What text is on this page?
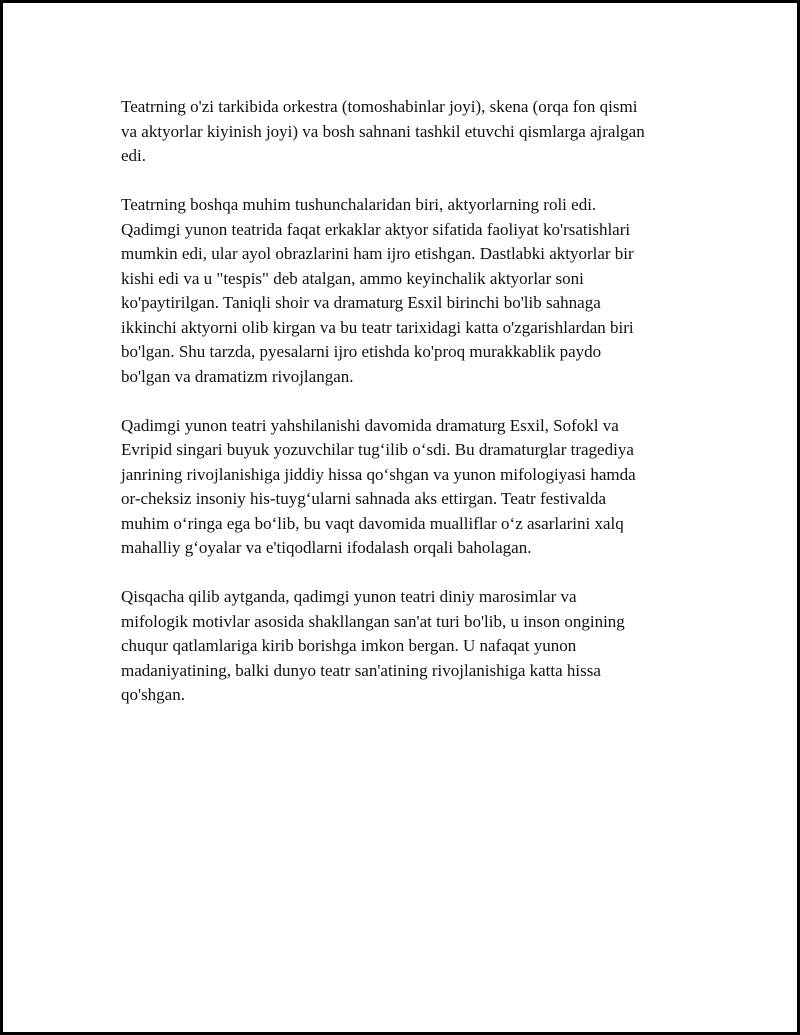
Teatrning o'zi tarkibida orkestra (tomoshabinlar joyi), skena (orqa fon qismi
va aktyorlar kiyinish joyi) va bosh sahnani tashkil etuvchi qismlarga ajralgan
edi.

Teatrning boshqa muhim tushunchalaridan biri, aktyorlarning roli edi.
Qadimgi yunon teatrida faqat erkaklar aktyor sifatida faoliyat ko'rsatishlari
mumkin edi, ular ayol obrazlarini ham ijro etishgan. Dastlabki aktyorlar bir
kishi edi va u "tespis" deb atalgan, ammo keyinchalik aktyorlar soni
ko'paytirilgan. Taniqli shoir va dramaturg Esxil birinchi bo'lib sahnaga
ikkinchi aktyorni olib kirgan va bu teatr tarixidagi katta o'zgarishlardan biri
bo'lgan. Shu tarzda, pyesalarni ijro etishda ko'proq murakkablik paydo
bo'lgan va dramatizm rivojlangan.

Qadimgi yunon teatri yahshilanishi davomida dramaturg Esxil, Sofokl va
Evripid singari buyuk yozuvchilar tug‘ilib o‘sdi. Bu dramaturglar tragediya
janrining rivojlanishiga jiddiy hissa qo‘shgan va yunon mifologiyasi hamda
or-cheksiz insoniy his-tuyg‘ularni sahnada aks ettirgan. Teatr festivalda
muhim o‘ringa ega bo‘lib, bu vaqt davomida mualliflar o‘z asarlarini xalq
mahalliy g‘oyalar va e'tiqodlarni ifodalash orqali baholagan.

Qisqacha qilib aytganda, qadimgi yunon teatri diniy marosimlar va
mifologik motivlar asosida shakllangan san'at turi bo'lib, u inson ongining
chuqur qatlamlariga kirib borishga imkon bergan. U nafaqat yunon
madaniyatining, balki dunyo teatr san'atining rivojlanishiga katta hissa
qo'shgan.
